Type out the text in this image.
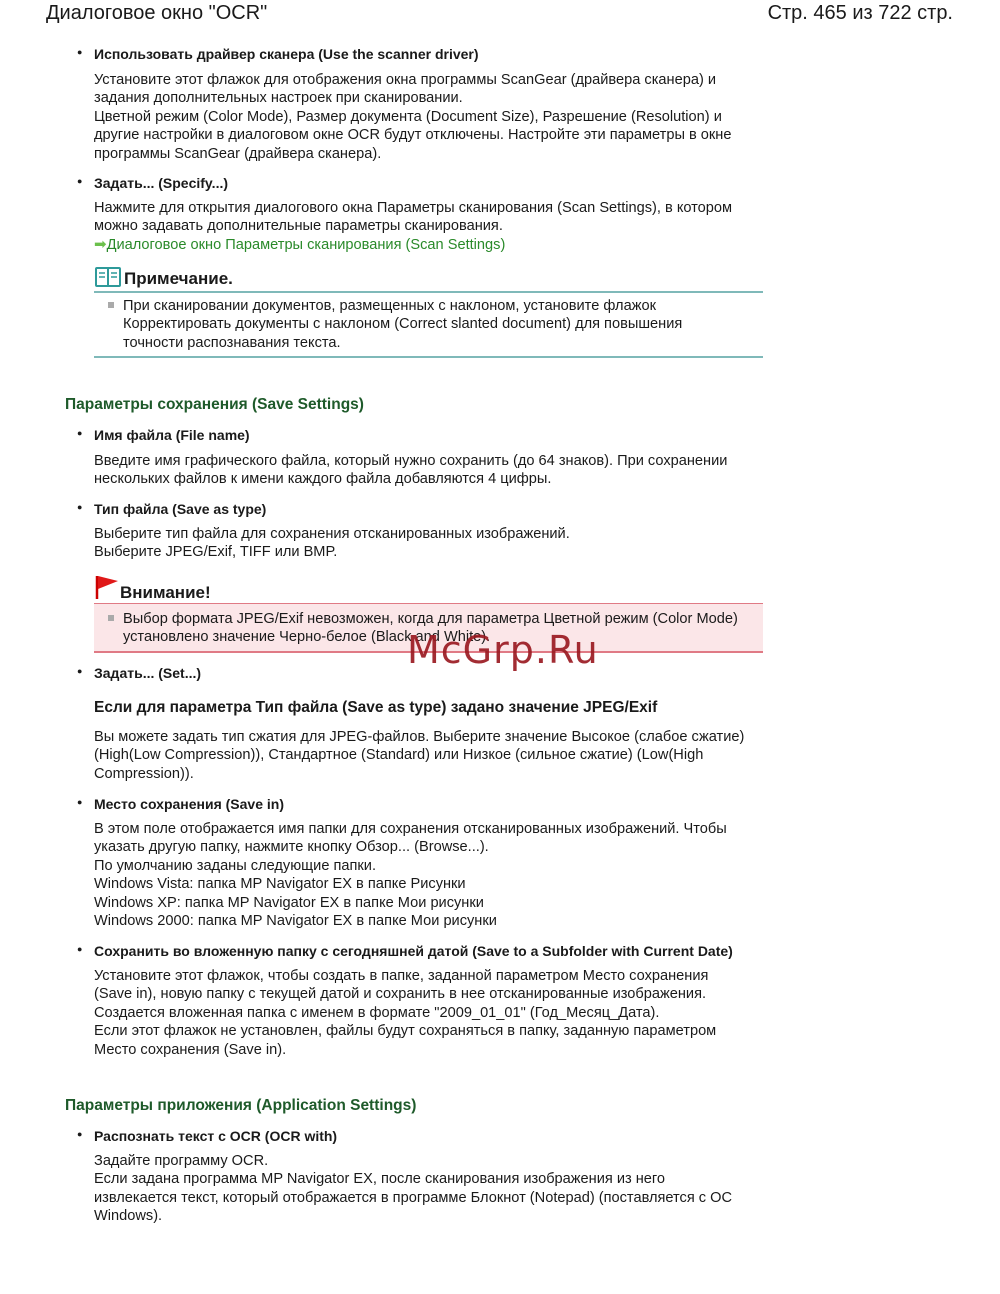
Диалоговое окно "OCR"	Стр. 465 из 722 стр.
● Использовать драйвер сканера (Use the scanner driver)
Установите этот флажок для отображения окна программы ScanGear (драйвера сканера) и
задания дополнительных настроек при сканировании.
Цветной режим (Color Mode), Размер документа (Document Size), Разрешение (Resolution) и
другие настройки в диалоговом окне OCR будут отключены. Настройте эти параметры в окне
программы ScanGear (драйвера сканера).
● Задать... (Specify...)
Нажмите для открытия диалогового окна Параметры сканирования (Scan Settings), в котором
можно задавать дополнительные параметры сканирования.
➡Диалоговое окно Параметры сканирования (Scan Settings)
Примечание.
При сканировании документов, размещенных с наклоном, установите флажок
Корректировать документы с наклоном (Correct slanted document) для повышения
точности распознавания текста.
Параметры сохранения (Save Settings)
● Имя файла (File name)
Введите имя графического файла, который нужно сохранить (до 64 знаков). При сохранении
нескольких файлов к имени каждого файла добавляются 4 цифры.
● Тип файла (Save as type)
Выберите тип файла для сохранения отсканированных изображений.
Выберите JPEG/Exif, TIFF или BMP.
Внимание!
Выбор формата JPEG/Exif невозможен, когда для параметра Цветной режим (Color Mode)
установлено значение Черно-белое (Black and White).
● Задать... (Set...)
Если для параметра Тип файла (Save as type) задано значение JPEG/Exif
Вы можете задать тип сжатия для JPEG-файлов. Выберите значение Высокое (слабое сжатие)
(High(Low Compression)), Стандартное (Standard) или Низкое (сильное сжатие) (Low(High
Compression)).
● Место сохранения (Save in)
В этом поле отображается имя папки для сохранения отсканированных изображений. Чтобы
указать другую папку, нажмите кнопку Обзор... (Browse...).
По умолчанию заданы следующие папки.
Windows Vista: папка MP Navigator EX в папке Рисунки
Windows XP: папка MP Navigator EX в папке Мои рисунки
Windows 2000: папка MP Navigator EX в папке Мои рисунки
● Сохранить во вложенную папку с сегодняшней датой (Save to a Subfolder with Current Date)
Установите этот флажок, чтобы создать в папке, заданной параметром Место сохранения
(Save in), новую папку с текущей датой и сохранить в нее отсканированные изображения.
Создается вложенная папка с именем в формате "2009_01_01" (Год_Месяц_Дата).
Если этот флажок не установлен, файлы будут сохраняться в папку, заданную параметром
Место сохранения (Save in).
Параметры приложения (Application Settings)
● Распознать текст с OCR (OCR with)
Задайте программу OCR.
Если задана программа MP Navigator EX, после сканирования изображения из него
извлекается текст, который отображается в программе Блокнот (Notepad) (поставляется с ОС
Windows).
McGrp.Ru
